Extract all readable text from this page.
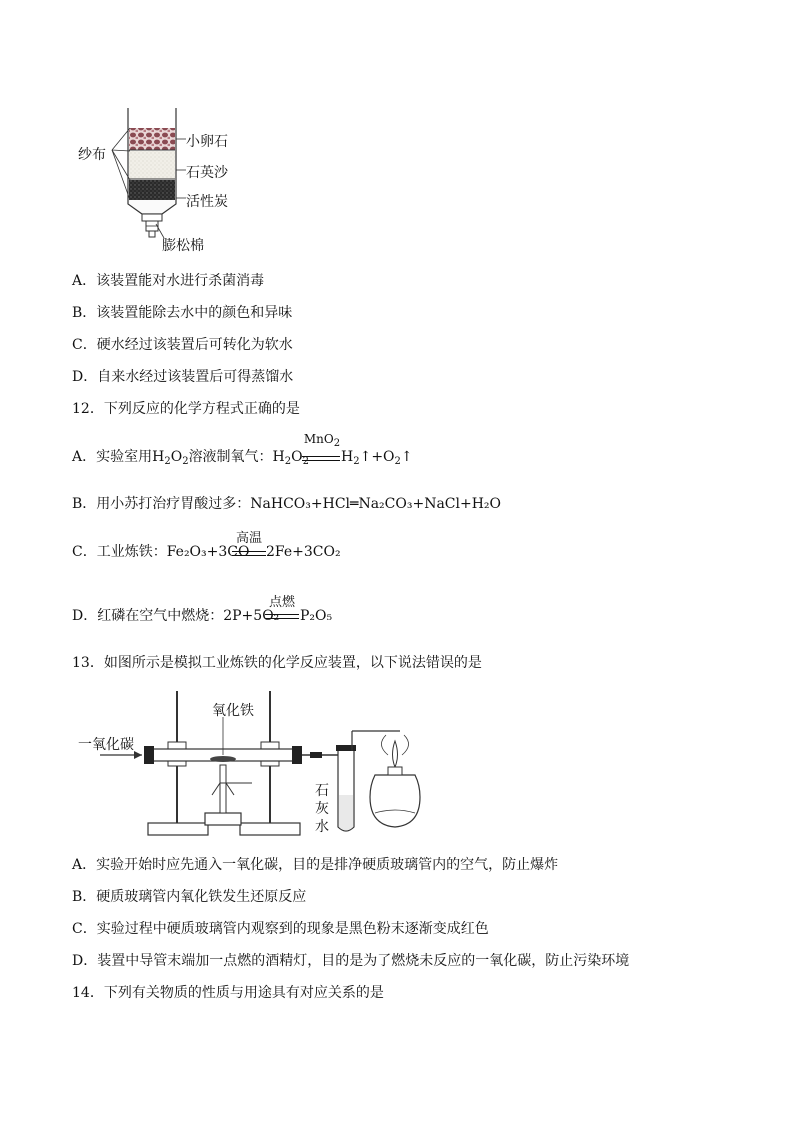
纱布
小卵石
石英沙
活性炭
膨松棉
A．该装置能对水进行杀菌消毒
B．该装置能除去水中的颜色和异味
C．硬水经过该装置后可转化为软水
D．自来水经过该装置后可得蒸馏水
12．下列反应的化学方程式正确的是
A．实验室用$H_2O_2$溶液制氧气：$H_2O_2$
MnO$_2$
$H_2↑+O_2↑$
B．用小苏打治疗胃酸过多：NaHCO₃+HCl═Na₂CO₃+NaCl+H₂O
C．工业炼铁：Fe₂O₃+3CO
高温
2Fe+3CO₂
D．红磷在空气中燃烧：2P+5O₂
点燃
P₂O₅
13．如图所示是模拟工业炼铁的化学反应装置，以下说法错误的是
一氧化碳
氧化铁
石
灰
水
A．实验开始时应先通入一氧化碳，目的是排净硬质玻璃管内的空气，防止爆炸
B．硬质玻璃管内氧化铁发生还原反应
C．实验过程中硬质玻璃管内观察到的现象是黑色粉末逐渐变成红色
D．装置中导管末端加一点燃的酒精灯，目的是为了燃烧未反应的一氧化碳，防止污染环境
14．下列有关物质的性质与用途具有对应关系的是
